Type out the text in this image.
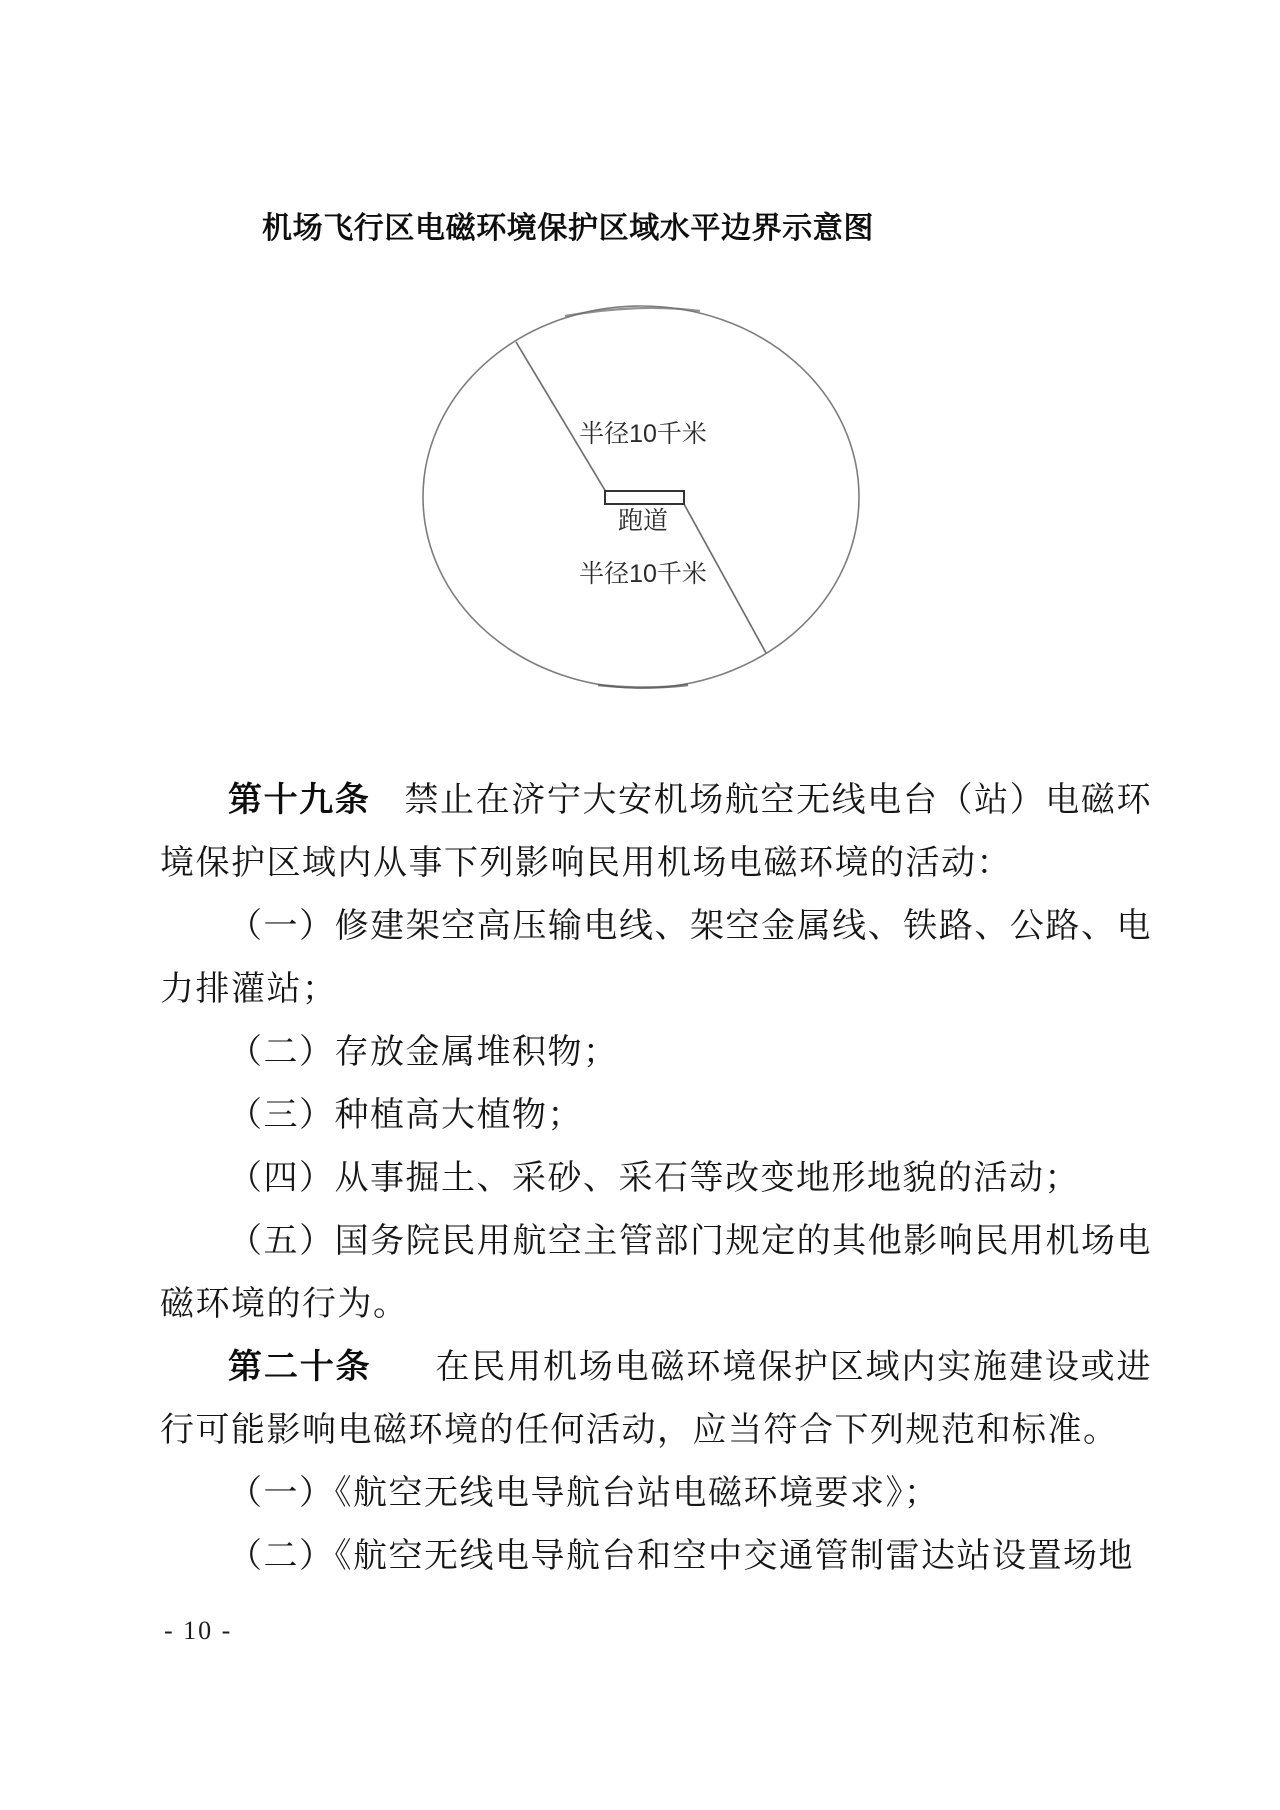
机场飞行区电磁环境保护区域水平边界示意图
半径10千米
跑道
半径10千米

第十九条 禁止在济宁大安机场航空无线电台（站）电磁环境保护区域内从事下列影响民用机场电磁环境的活动：

（一）修建架空高压输电线、架空金属线、铁路、公路、电力排灌站；

（二）存放金属堆积物；

（三）种植高大植物；

（四）从事掘土、采砂、采石等改变地形地貌的活动；

（五）国务院民用航空主管部门规定的其他影响民用机场电磁环境的行为。

第二十条 在民用机场电磁环境保护区域内实施建设或进行可能影响电磁环境的任何活动，应当符合下列规范和标准。

（一）《航空无线电导航台站电磁环境要求》；

（二）《航空无线电导航台和空中交通管制雷达站设置场地

- 10 -
